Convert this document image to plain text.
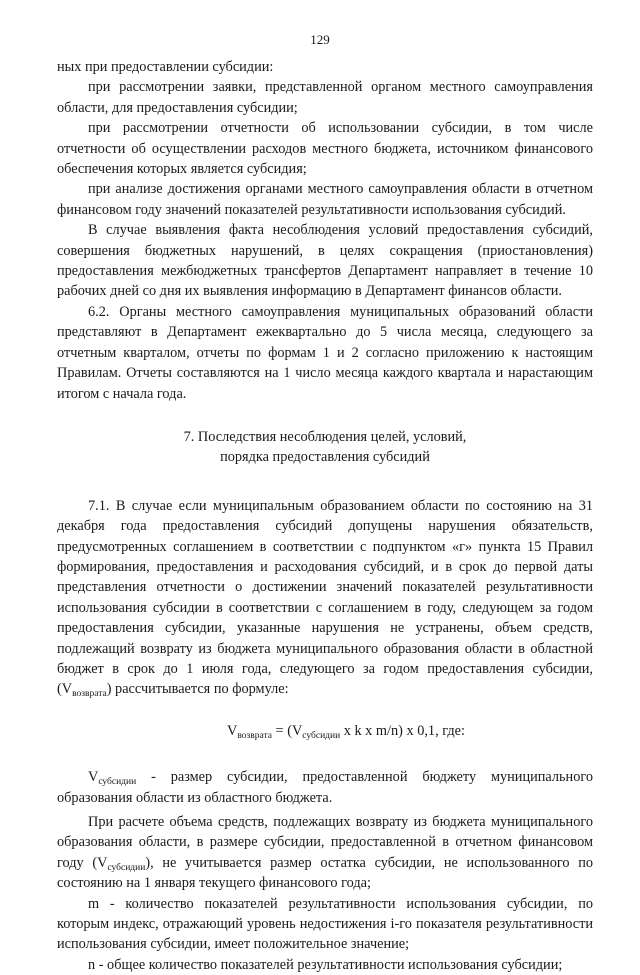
129

ных при предоставлении субсидии:

при рассмотрении заявки, представленной органом местного самоуправления области, для предоставления субсидии;

при рассмотрении отчетности об использовании субсидии, в том числе отчетности об осуществлении расходов местного бюджета, источником финансового обеспечения которых является субсидия;

при анализе достижения органами местного самоуправления области в отчетном финансовом году значений показателей результативности использования субсидий.

В случае выявления факта несоблюдения условий предоставления субсидий, совершения бюджетных нарушений, в целях сокращения (приостановления) предоставления межбюджетных трансфертов Департамент направляет в течение 10 рабочих дней со дня их выявления информацию в Департамент финансов области.

6.2. Органы местного самоуправления муниципальных образований области представляют в Департамент ежеквартально до 5 числа месяца, следующего за отчетным кварталом, отчеты по формам 1 и 2 согласно приложению к настоящим Правилам. Отчеты составляются на 1 число месяца каждого квартала и нарастающим итогом с начала года.

7. Последствия несоблюдения целей, условий,
порядка предоставления субсидий

7.1. В случае если муниципальным образованием области по состоянию на 31 декабря года предоставления субсидий допущены нарушения обязательств, предусмотренных соглашением в соответствии с подпунктом «г» пункта 15 Правил формирования, предоставления и расходования субсидий, и в срок до первой даты представления отчетности о достижении значений показателей результативности использования субсидии в соответствии с соглашением в году, следующем за годом предоставления субсидии, указанные нарушения не устранены, объем средств, подлежащий возврату из бюджета муниципального образования области в областной бюджет в срок до 1 июля года, следующего за годом предоставления субсидии, $(V_{возврата})$ рассчитывается по формуле:

$V_{возврата} = (V_{субсидии}$ x k x m/n) x 0,1, где:

$V_{субсидии}$ - размер субсидии, предоставленной бюджету муниципального образования области из областного бюджета.

При расчете объема средств, подлежащих возврату из бюджета муниципального образования области, в размере субсидии, предоставленной в отчетном финансовом году $(V_{субсидии})$, не учитывается размер остатка субсидии, не использованного по состоянию на 1 января текущего финансового года;

m - количество показателей результативности использования субсидии, по которым индекс, отражающий уровень недостижения i-го показателя результативности использования субсидии, имеет положительное значение;

n - общее количество показателей результативности использования субсидии;
